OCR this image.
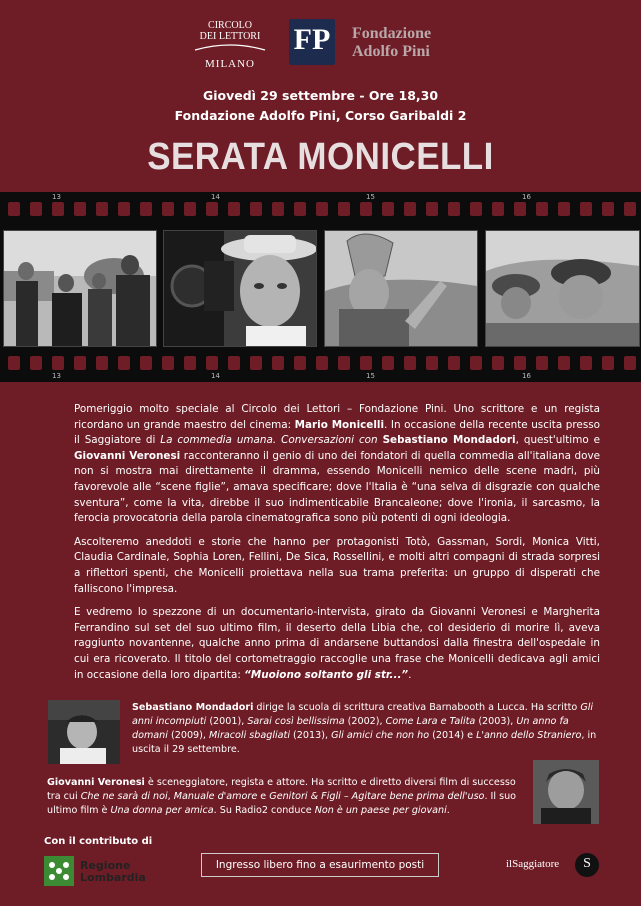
CIRCOLO
DEI LETTORI
MILANO
FP Fondazione
Adolfo Pini
Giovedì 29 settembre - Ore 18,30
Fondazione Adolfo Pini, Corso Garibaldi 2
SERATA MONICELLI
13	14	15	16
13	14	15	16

Pomeriggio molto speciale al Circolo dei Lettori – Fondazione Pini. Uno scrittore e un regista ricordano un grande maestro del cinema: Mario Monicelli. In occasione della recente uscita presso il Saggiatore di La commedia umana. Conversazioni con Sebastiano Mondadori, quest'ultimo e Giovanni Veronesi racconteranno il genio di uno dei fondatori di quella commedia all'italiana dove non si mostra mai direttamente il dramma, essendo Monicelli nemico delle scene madri, più favorevole alle “scene figlie”, amava specificare; dove l'Italia è “una selva di disgrazie con qualche sventura”, come la vita, direbbe il suo indimenticabile Brancaleone; dove l'ironia, il sarcasmo, la ferocia provocatoria della parola cinematografica sono più potenti di ogni ideologia.

Ascolteremo aneddoti e storie che hanno per protagonisti Totò, Gassman, Sordi, Monica Vitti, Claudia Cardinale, Sophia Loren, Fellini, De Sica, Rossellini, e molti altri compagni di strada sorpresi a riflettori spenti, che Monicelli proiettava nella sua trama preferita: un gruppo di disperati che falliscono l'impresa.

E vedremo lo spezzone di un documentario-intervista, girato da Giovanni Veronesi e Margherita Ferrandino sul set del suo ultimo film, il deserto della Libia che, col desiderio di morire lì, aveva raggiunto novantenne, qualche anno prima di andarsene buttandosi dalla finestra dell'ospedale in cui era ricoverato. Il titolo del cortometraggio raccoglie una frase che Monicelli dedicava agli amici in occasione della loro dipartita: “Muoiono soltanto gli str...”.

Sebastiano Mondadori dirige la scuola di scrittura creativa Barnabooth a Lucca. Ha scritto Gli anni incompiuti (2001), Sarai così bellissima (2002), Come Lara e Talita (2003), Un anno fa domani (2009), Miracoli sbagliati (2013), Gli amici che non ho (2014) e L'anno dello Straniero, in uscita il 29 settembre.
Giovanni Veronesi è sceneggiatore, regista e attore. Ha scritto e diretto diversi film di successo tra cui Che ne sarà di noi, Manuale d'amore e Genitori & Figli – Agitare bene prima dell'uso. Il suo ultimo film è Una donna per amica. Su Radio2 conduce Non è un paese per giovani.
Con il contributo di
Regione
Lombardia
Ingresso libero fino a esaurimento posti	ilSaggiatore	S
